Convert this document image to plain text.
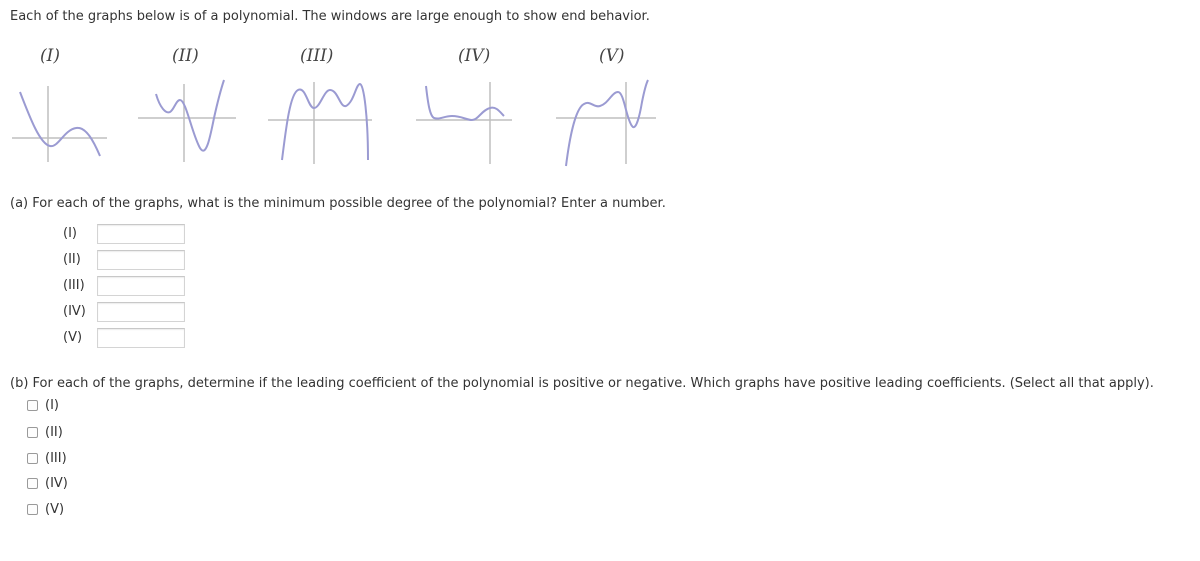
Each of the graphs below is of a polynomial. The windows are large enough to show end behavior.
(I)	(II)	(III)	(IV)	(V)
(a) For each of the graphs, what is the minimum possible degree of the polynomial? Enter a number.
(I)
(II)
(III)
(IV)
(V)
(b) For each of the graphs, determine if the leading coefficient of the polynomial is positive or negative. Which graphs have positive leading coefficients. (Select all that apply).
(I)
(II)
(III)
(IV)
(V)
